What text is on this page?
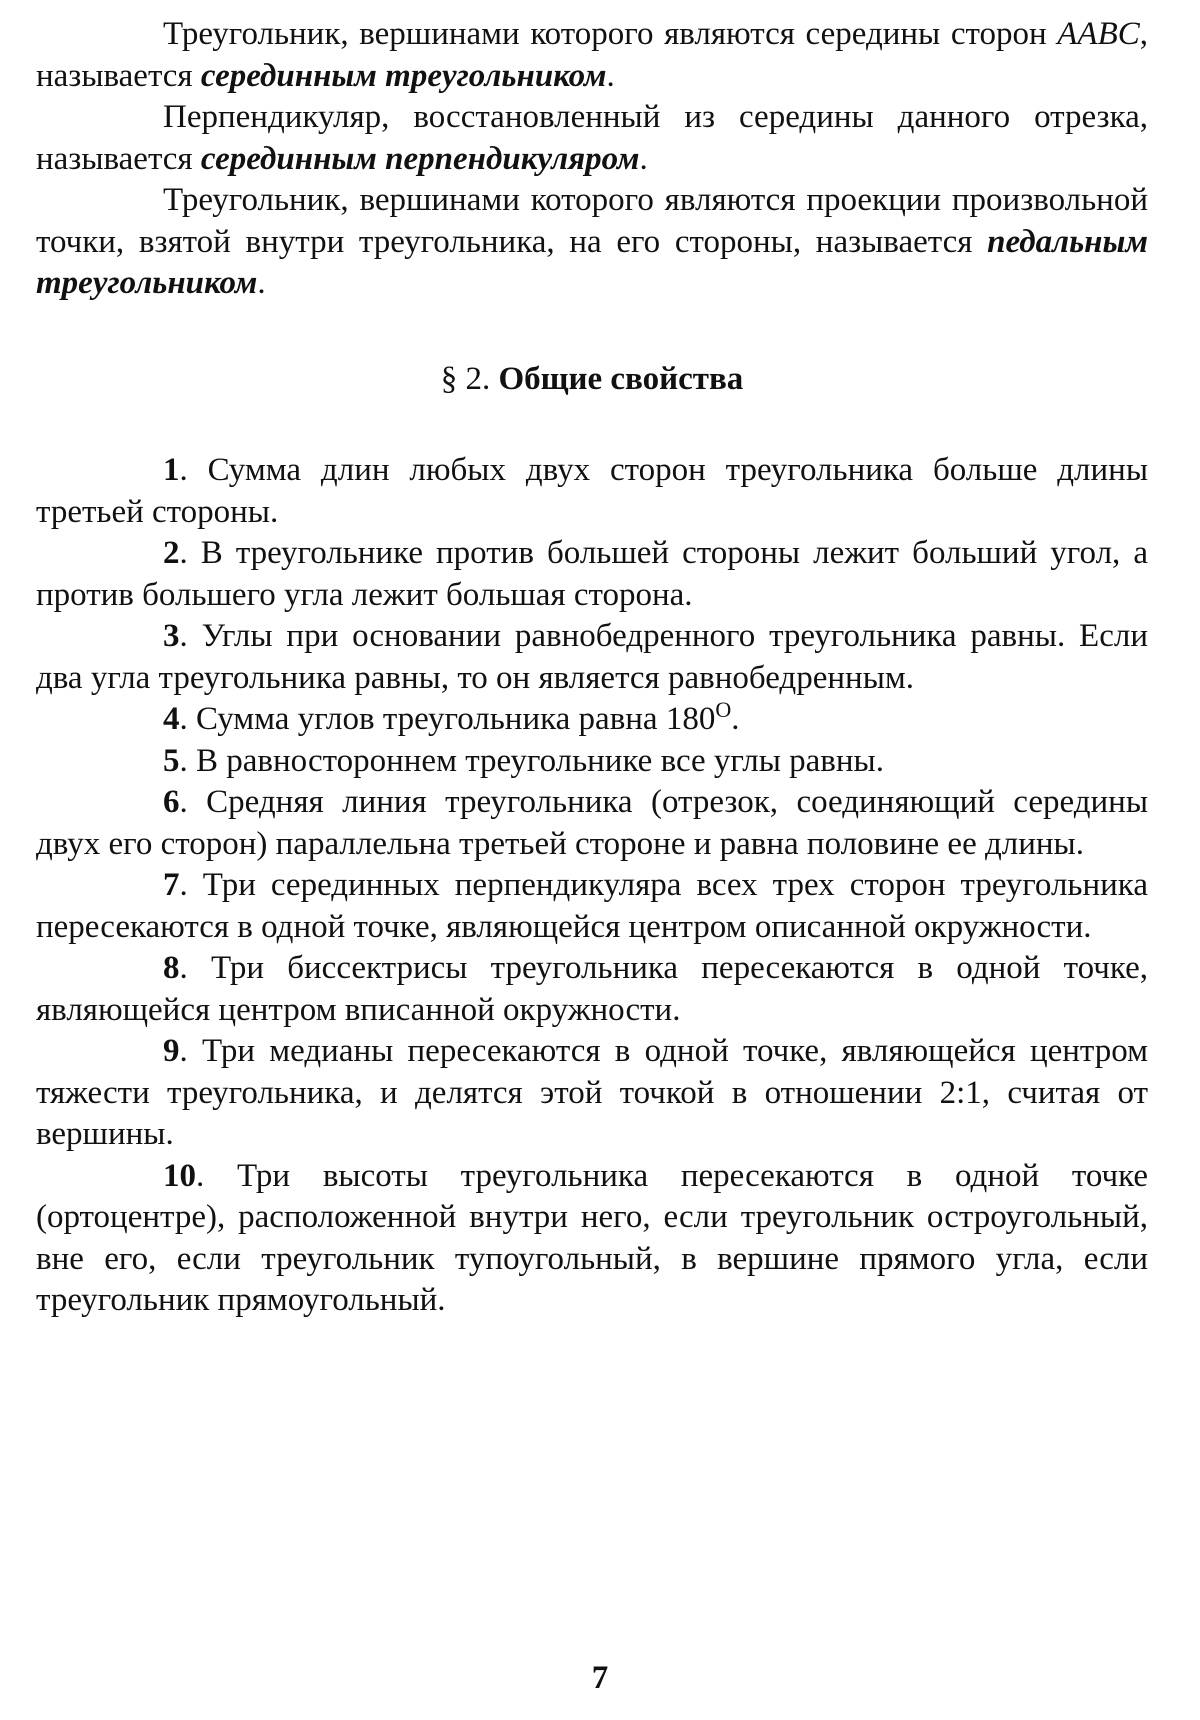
Треугольник, вершинами которого являются середины сторон AABC, называется серединным треугольником.

Перпендикуляр, восстановленный из середины данного отрезка, называется серединным перпендикуляром.

Треугольник, вершинами которого являются проекции произвольной точки, взятой внутри треугольника, на его стороны, называется педальным треугольником.

§ 2. Общие свойства

1. Сумма длин любых двух сторон треугольника больше длины третьей стороны.

2. В треугольнике против большей стороны лежит больший угол, а против большего угла лежит большая сторона.

3. Углы при основании равнобедренного треугольника равны. Если два угла треугольника равны, то он является равнобедренным.

4. Сумма углов треугольника равна $180^O$.

5. В равностороннем треугольнике все углы равны.

6. Средняя линия треугольника (отрезок, соединяющий середины двух его сторон) параллельна третьей стороне и равна половине ее длины.

7. Три серединных перпендикуляра всех трех сторон треугольника пересекаются в одной точке, являющейся центром описанной окружности.

8. Три биссектрисы треугольника пересекаются в одной точке, являющейся центром вписанной окружности.

9. Три медианы пересекаются в одной точке, являющейся центром тяжести треугольника, и делятся этой точкой в отношении 2:1, считая от вершины.

10. Три высоты треугольника пересекаются в одной точке (ортоцентре), расположенной внутри него, если треугольник остроугольный, вне его, если треугольник тупоугольный, в вершине прямого угла, если треугольник прямоугольный.

7
